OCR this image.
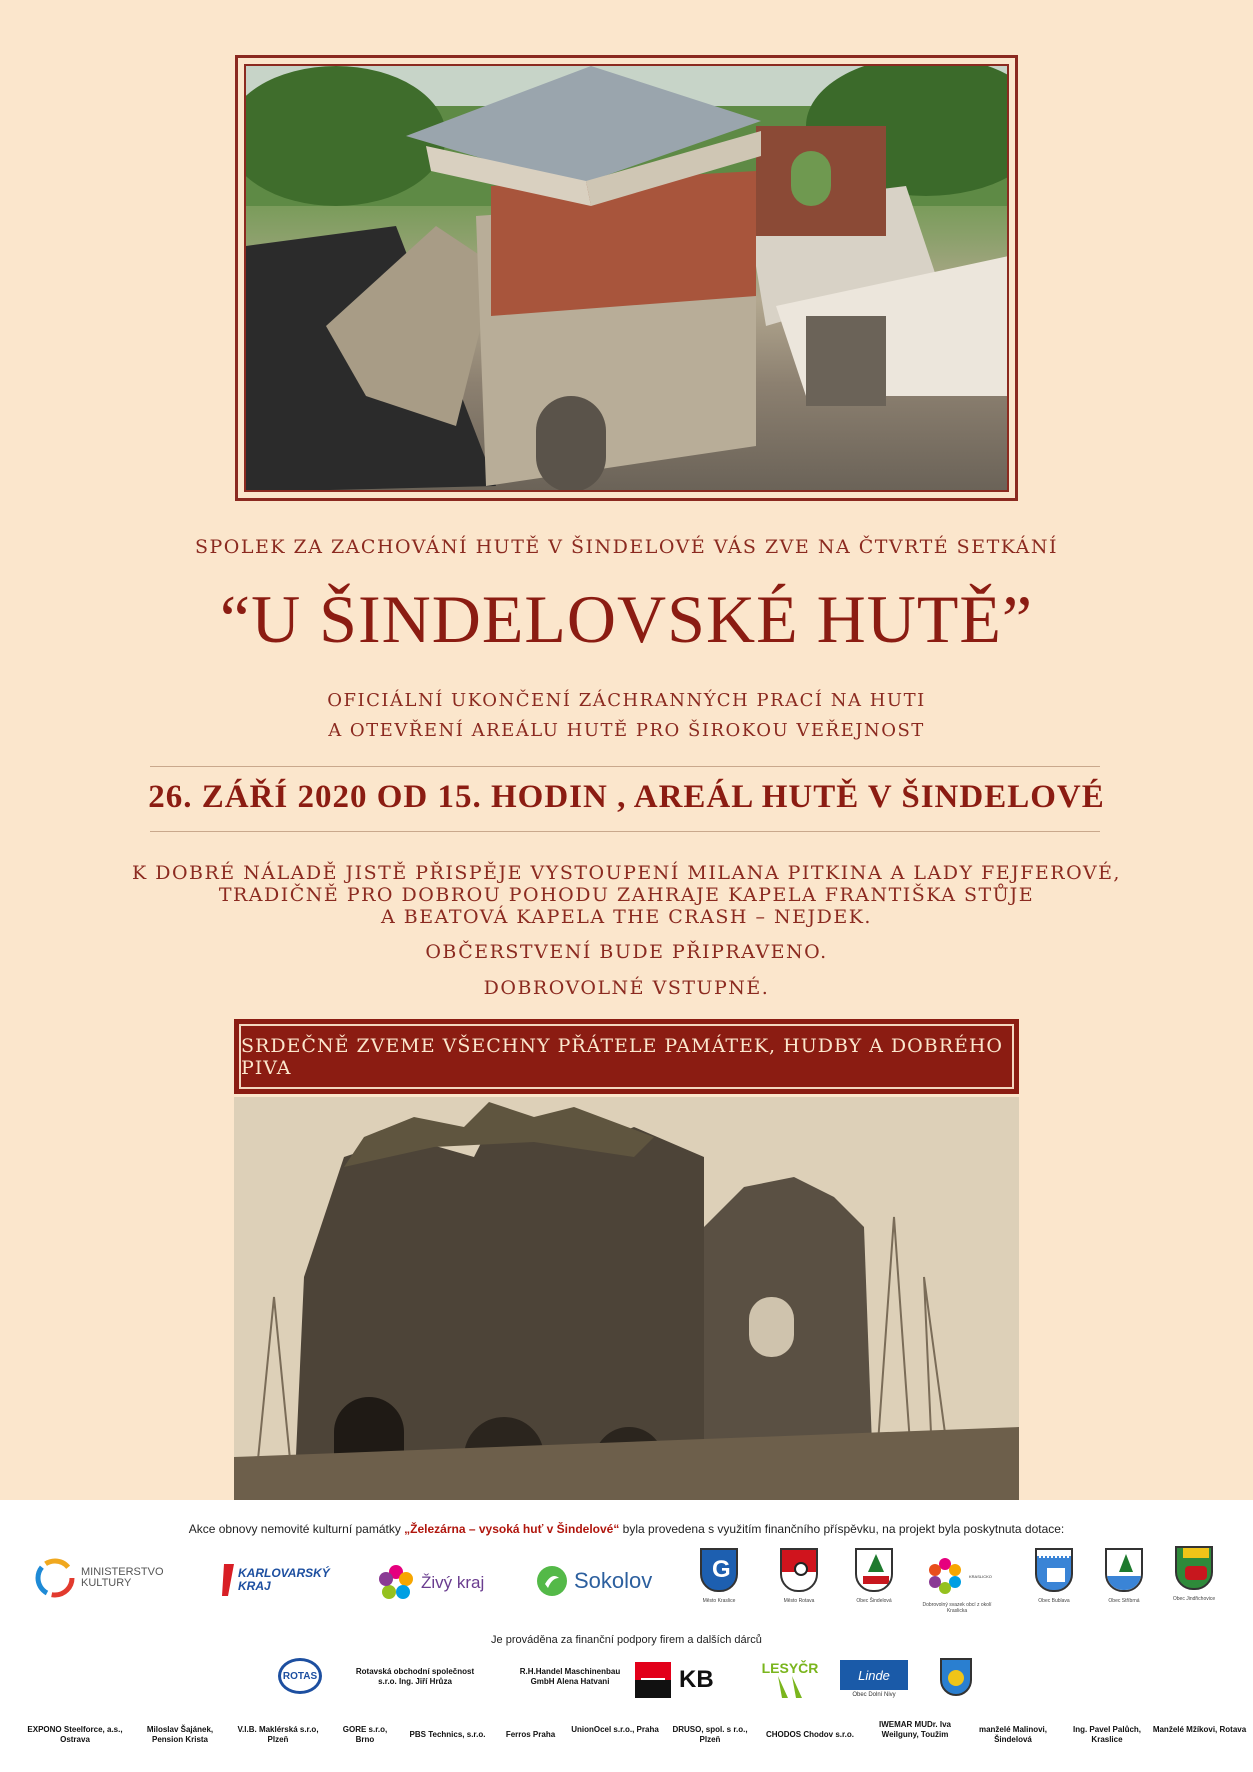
SPOLEK ZA ZACHOVÁNÍ HUTĚ V ŠINDELOVÉ VÁS ZVE NA ČTVRTÉ SETKÁNÍ
“U ŠINDELOVSKÉ HUTĚ”
OFICIÁLNÍ UKONČENÍ ZÁCHRANNÝCH PRACÍ NA HUTI
A OTEVŘENÍ AREÁLU HUTĚ PRO ŠIROKOU VEŘEJNOST
26. ZÁŘÍ 2020 OD 15. HODIN , AREÁL HUTĚ V ŠINDELOVÉ
K DOBRÉ NÁLADĚ JISTĚ PŘISPĚJE VYSTOUPENÍ MILANA PITKINA A LADY FEJFEROVÉ,
TRADIČNĚ PRO DOBROU POHODU ZAHRAJE KAPELA FRANTIŠKA STŮJE
A BEATOVÁ KAPELA THE CRASH – NEJDEK.
OBČERSTVENÍ BUDE PŘIPRAVENO.
DOBROVOLNÉ VSTUPNÉ.
SRDEČNĚ ZVEME VŠECHNY PŘÁTELE PAMÁTEK, HUDBY A DOBRÉHO PIVA
Akce obnovy nemovité kulturní památky „Železárna – vysoká huť v Šindelové“ byla provedena s využitím finančního příspěvku, na projekt byla poskytnuta dotace:
MINISTERSTVO KULTURY
KARLOVARSKÝ KRAJ	Živý kraj	Sokolov G
Město Kraslice	Město Rotava	Obec Šindelová
KRASLICKO
Dobrovolný svazek obcí z okolí Kraslicka
Obec Bublava	Obec Stříbrná	Obec Jindřichovice
Je prováděna za finanční podpory firem a dalších dárců
ROTAS	Rotavská obchodní společnost s.r.o. Ing. Jiří Hrůza
R.H.Handel Maschinenbau GmbH Alena Hatvani	KB	LESYČR	Linde
Obec Dolní Nivy
EXPONO Steelforce, a.s., Ostrava
Miloslav Šajánek, Pension Krista
V.I.B. Maklérská s.r.o, Plzeň
GORE s.r.o, Brno
PBS Technics, s.r.o.	Ferros Praha
UnionOcel s.r.o., Praha	DRUSO, spol. s r.o., Plzeň
CHODOS Chodov s.r.o.
IWEMAR MUDr. Iva Weilguny, Toužim
manželé Malinovi, Šindelová
Ing. Pavel Palůch, Kraslice
Manželé Mžíkovi, Rotava
